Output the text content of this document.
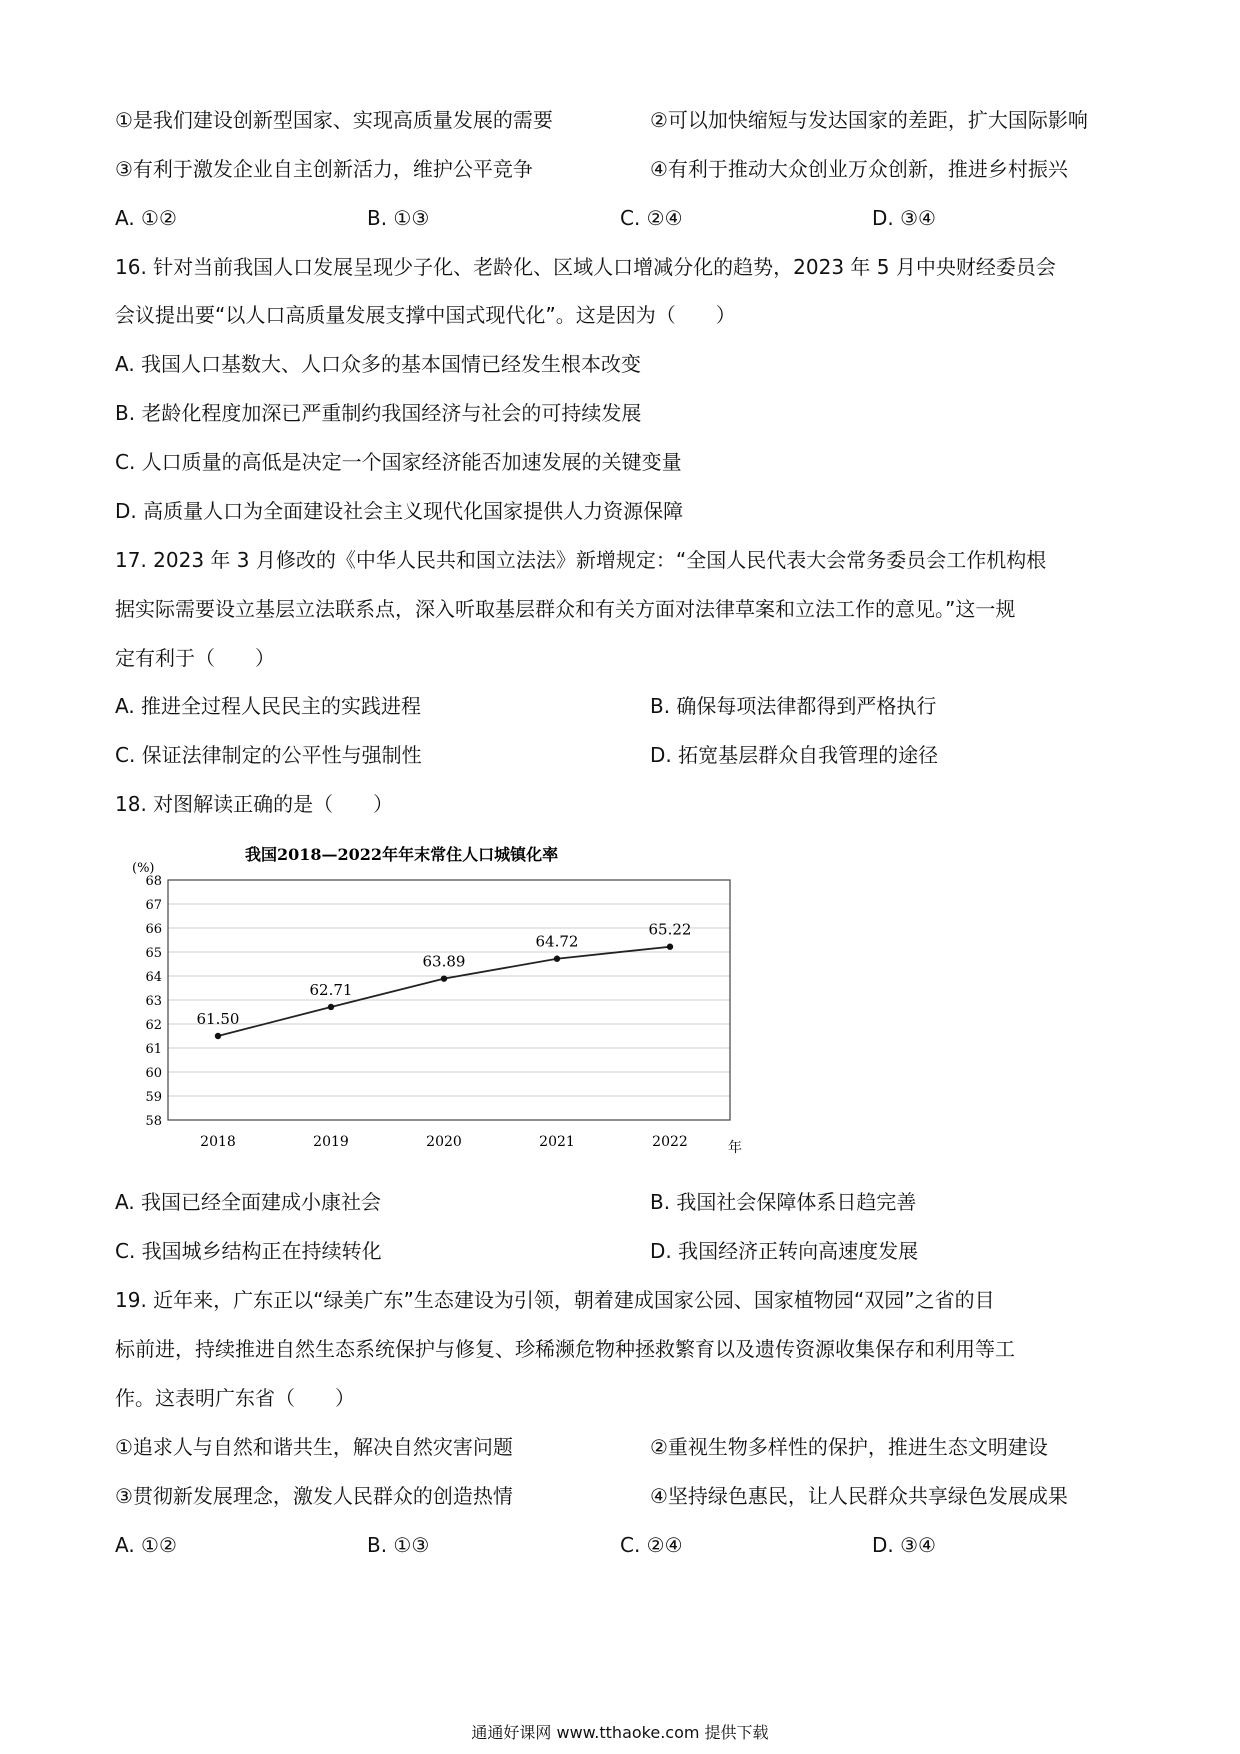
①是我们建设创新型国家、实现高质量发展的需要	②可以加快缩短与发达国家的差距，扩大国际影响
③有利于激发企业自主创新活力，维护公平竞争	④有利于推动大众创业万众创新，推进乡村振兴
A. ①②	B. ①③	C. ②④	D. ③④
16. 针对当前我国人口发展呈现少子化、老龄化、区域人口增减分化的趋势，2023 年 5 月中央财经委员会
会议提出要“以人口高质量发展支撑中国式现代化”。这是因为（　　）
A. 我国人口基数大、人口众多的基本国情已经发生根本改变
B. 老龄化程度加深已严重制约我国经济与社会的可持续发展
C. 人口质量的高低是决定一个国家经济能否加速发展的关键变量
D. 高质量人口为全面建设社会主义现代化国家提供人力资源保障
17. 2023 年 3 月修改的《中华人民共和国立法法》新增规定：“全国人民代表大会常务委员会工作机构根
据实际需要设立基层立法联系点，深入听取基层群众和有关方面对法律草案和立法工作的意见。”这一规
定有利于（　　）
A. 推进全过程人民民主的实践进程	B. 确保每项法律都得到严格执行
C. 保证法律制定的公平性与强制性	D. 拓宽基层群众自我管理的途径
18. 对图解读正确的是（　　）
58
59
60
61
62
63
64
65
66
67
68
2018	2019	2020	2021	2022
61.50
62.71
63.89
64.72
65.22
我国2018—2022年年末常住人口城镇化率
(%)
年
A. 我国已经全面建成小康社会	B. 我国社会保障体系日趋完善
C. 我国城乡结构正在持续转化	D. 我国经济正转向高速度发展
19. 近年来，广东正以“绿美广东”生态建设为引领，朝着建成国家公园、国家植物园“双园”之省的目
标前进，持续推进自然生态系统保护与修复、珍稀濒危物种拯救繁育以及遗传资源收集保存和利用等工
作。这表明广东省（　　）
①追求人与自然和谐共生，解决自然灾害问题	②重视生物多样性的保护，推进生态文明建设
③贯彻新发展理念，激发人民群众的创造热情	④坚持绿色惠民，让人民群众共享绿色发展成果
A. ①②	B. ①③	C. ②④	D. ③④
通通好课网 www.tthaoke.com 提供下载
